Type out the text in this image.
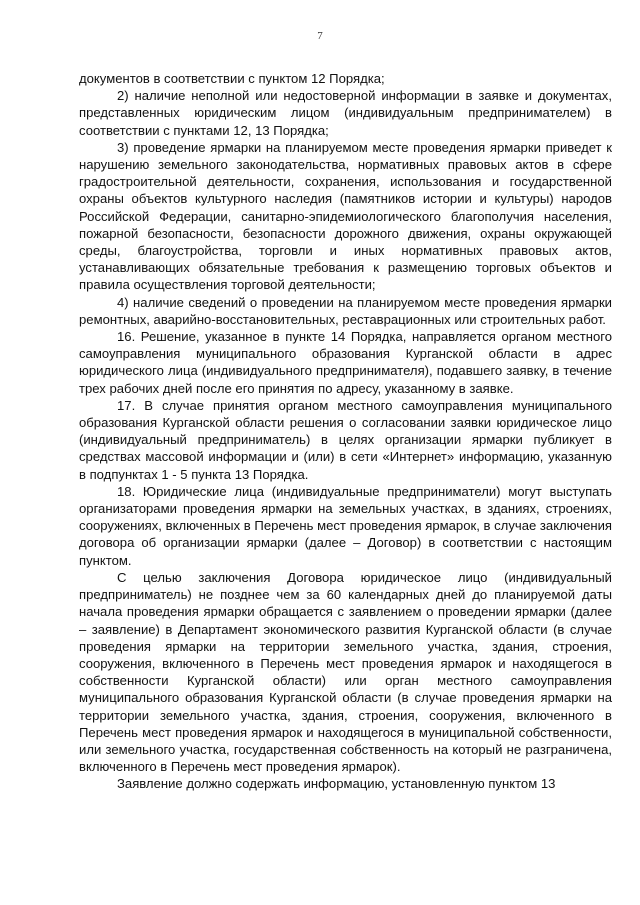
7

документов в соответствии с пунктом 12 Порядка;

2) наличие неполной или недостоверной информации в заявке и документах, представленных юридическим лицом (индивидуальным предпринимателем) в соответствии с пунктами 12, 13 Порядка;

3) проведение ярмарки на планируемом месте проведения ярмарки приведет к нарушению земельного законодательства, нормативных правовых актов в сфере градостроительной деятельности, сохранения, использования и государственной охраны объектов культурного наследия (памятников истории и культуры) народов Российской Федерации, санитарно-эпидемиологического благополучия населения, пожарной безопасности, безопасности дорожного движения, охраны окружающей среды, благоустройства, торговли и иных нормативных правовых актов, устанавливающих обязательные требования к размещению торговых объектов и правила осуществления торговой деятельности;

4) наличие сведений о проведении на планируемом месте проведения ярмарки ремонтных, аварийно-восстановительных, реставрационных или строительных работ.

16. Решение, указанное в пункте 14 Порядка, направляется органом местного самоуправления муниципального образования Курганской области в адрес юридического лица (индивидуального предпринимателя), подавшего заявку, в течение трех рабочих дней после его принятия по адресу, указанному в заявке.

17. В случае принятия органом местного самоуправления муниципального образования Курганской области решения о согласовании заявки юридическое лицо (индивидуальный предприниматель) в целях организации ярмарки публикует в средствах массовой информации и (или) в сети «Интернет» информацию, указанную в подпунктах 1 - 5 пункта 13 Порядка.

18. Юридические лица (индивидуальные предприниматели) могут выступать организаторами проведения ярмарки на земельных участках, в зданиях, строениях, сооружениях, включенных в Перечень мест проведения ярмарок, в случае заключения договора об организации ярмарки (далее – Договор) в соответствии с настоящим пунктом.

С целью заключения Договора юридическое лицо (индивидуальный предприниматель) не позднее чем за 60 календарных дней до планируемой даты начала проведения ярмарки обращается с заявлением о проведении ярмарки (далее – заявление) в Департамент экономического развития Курганской области (в случае проведения ярмарки на территории земельного участка, здания, строения, сооружения, включенного в Перечень мест проведения ярмарок и находящегося в собственности Курганской области) или орган местного самоуправления муниципального образования Курганской области (в случае проведения ярмарки на территории земельного участка, здания, строения, сооружения, включенного в Перечень мест проведения ярмарок и находящегося в муниципальной собственности, или земельного участка, государственная собственность на который не разграничена, включенного в Перечень мест проведения ярмарок).

Заявление должно содержать информацию, установленную пунктом 13
